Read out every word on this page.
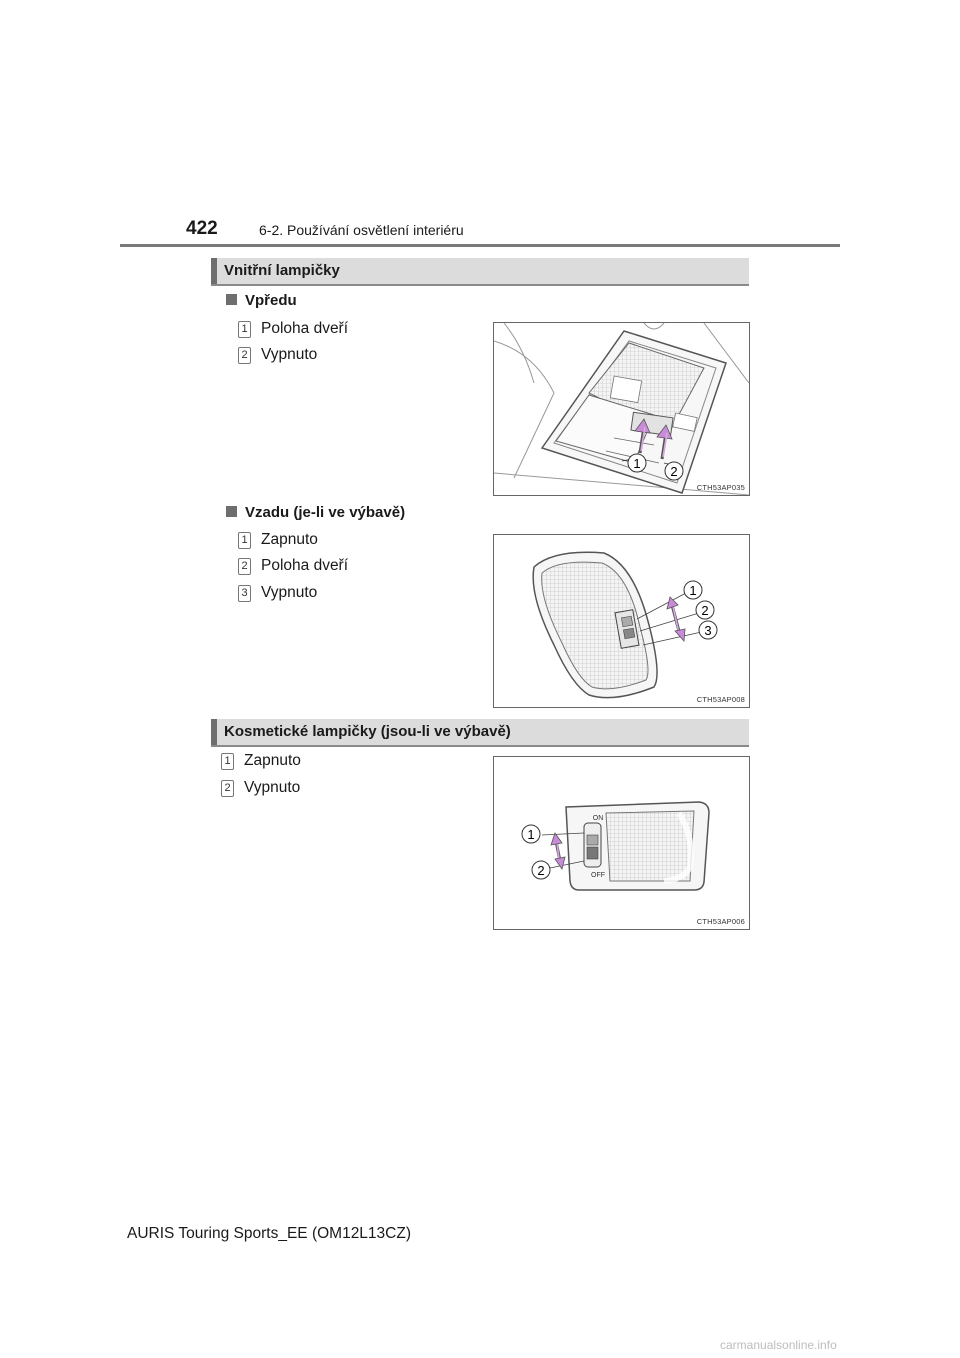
422	6-2. Používání osvětlení interiéru
Vnitřní lampičky
Vpředu
1 Poloha dveří
2 Vypnuto
1
2
CTH53AP035
Vzadu (je-li ve výbavě)
1 Zapnuto
2 Poloha dveří
3 Vypnuto	1
2
3
CTH53AP008
Kosmetické lampičky (jsou-li ve výbavě)
1 Zapnuto
2 Vypnuto
ON
OFF
1
2
CTH53AP006
AURIS Touring Sports_EE (OM12L13CZ)
carmanualsonline.info
